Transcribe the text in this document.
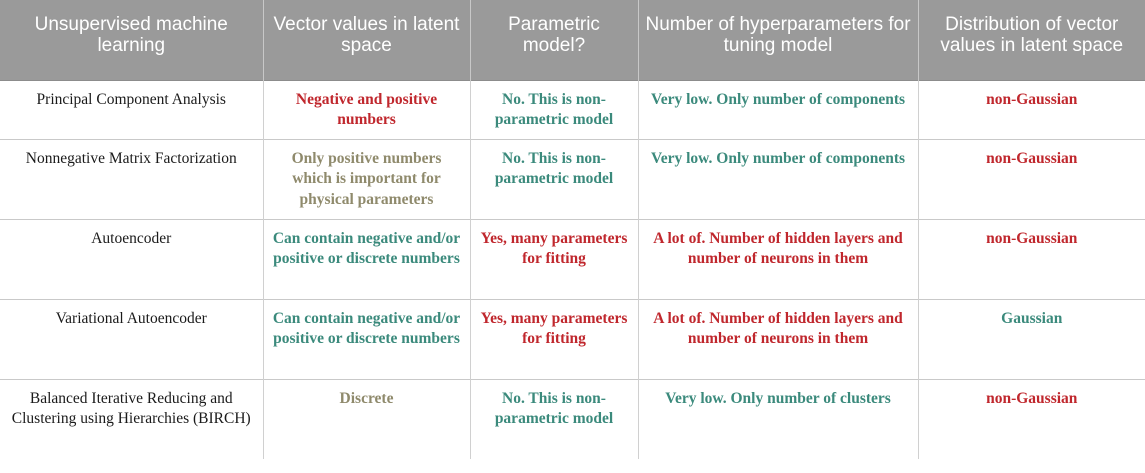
Unsupervised machine learning	Vector values in latent space	Parametric model?	Number of hyperparameters for tuning model	Distribution of vector values in latent space
Principal Component Analysis	Negative and positive numbers	No. This is non-parametric model	Very low. Only number of components	non-Gaussian
Nonnegative Matrix Factorization	Only positive numbers which is important for physical parameters	No. This is non-parametric model	Very low. Only number of components	non-Gaussian
Autoencoder	Can contain negative and/or positive or discrete numbers	Yes, many parameters for fitting	A lot of. Number of hidden layers and number of neurons in them	non-Gaussian
Variational Autoencoder	Can contain negative and/or positive or discrete numbers	Yes, many parameters for fitting	A lot of. Number of hidden layers and number of neurons in them	Gaussian
Balanced Iterative Reducing and Clustering using Hierarchies (BIRCH)	Discrete	No. This is non-parametric model	Very low. Only number of clusters	non-Gaussian
